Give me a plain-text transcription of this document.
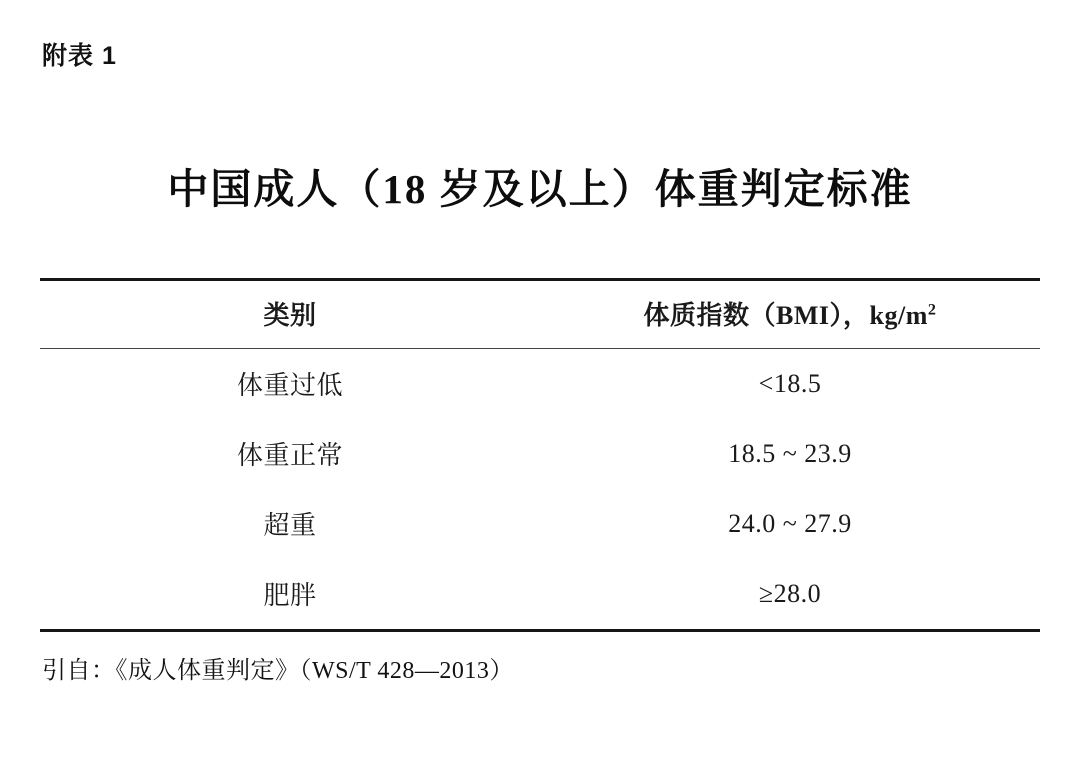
附表 1
中国成人（18 岁及以上）体重判定标准
类别	体质指数（BMI），$kg/m^2$
体重过低	<18.5
体重正常	18.5 ~ 23.9
超重	24.0 ~ 27.9
肥胖	≥28.0
引自：《成人体重判定》（WS/T 428—2013）
